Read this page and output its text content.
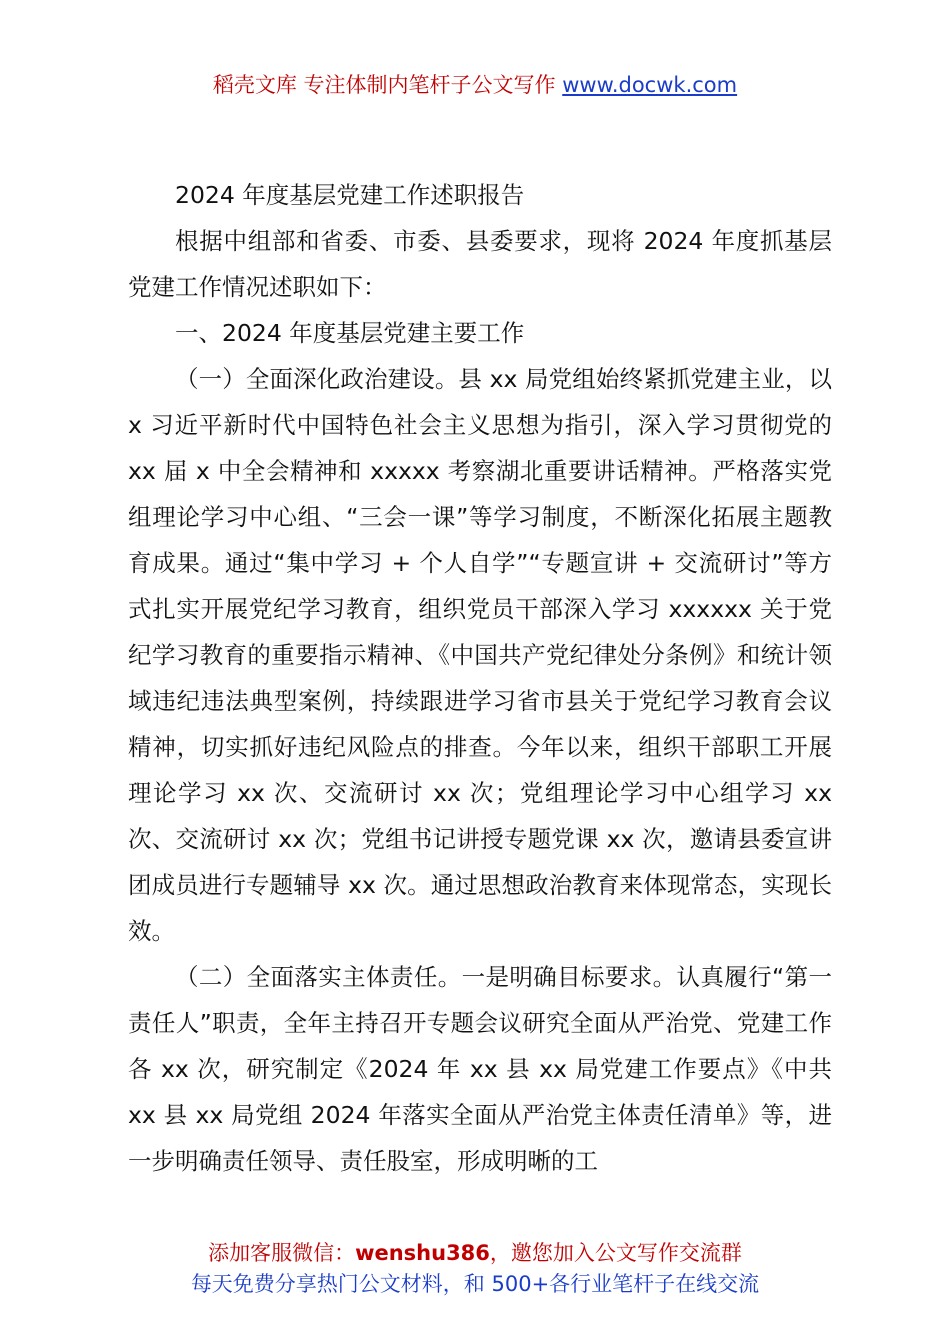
稻壳文库 专注体制内笔杆子公文写作 www.docwk.com

2024 年度基层党建工作述职报告

根据中组部和省委、市委、县委要求，现将 2024 年度抓基层党建工作情况述职如下：

一、2024 年度基层党建主要工作

（一）全面深化政治建设。县 xx 局党组始终紧抓党建主业，以 x 习近平新时代中国特色社会主义思想为指引，深入学习贯彻党的 xx 届 x 中全会精神和 xxxxx 考察湖北重要讲话精神。严格落实党组理论学习中心组、“三会一课”等学习制度，不断深化拓展主题教育成果。通过“集中学习 + 个人自学”“专题宣讲 + 交流研讨”等方式扎实开展党纪学习教育，组织党员干部深入学习 xxxxxx 关于党纪学习教育的重要指示精神、《中国共产党纪律处分条例》和统计领域违纪违法典型案例，持续跟进学习省市县关于党纪学习教育会议精神，切实抓好违纪风险点的排查。今年以来，组织干部职工开展理论学习 xx 次、交流研讨 xx 次；党组理论学习中心组学习 xx 次、交流研讨 xx 次；党组书记讲授专题党课 xx 次，邀请县委宣讲团成员进行专题辅导 xx 次。通过思想政治教育来体现常态，实现长效。

（二）全面落实主体责任。一是明确目标要求。认真履行“第一责任人”职责，全年主持召开专题会议研究全面从严治党、党建工作各 xx 次，研究制定《2024 年 xx 县 xx 局党建工作要点》《中共 xx 县 xx 局党组 2024 年落实全面从严治党主体责任清单》等，进一步明确责任领导、责任股室，形成明晰的工

添加客服微信：wenshu386，邀您加入公文写作交流群
每天免费分享热门公文材料，和 500+各行业笔杆子在线交流
